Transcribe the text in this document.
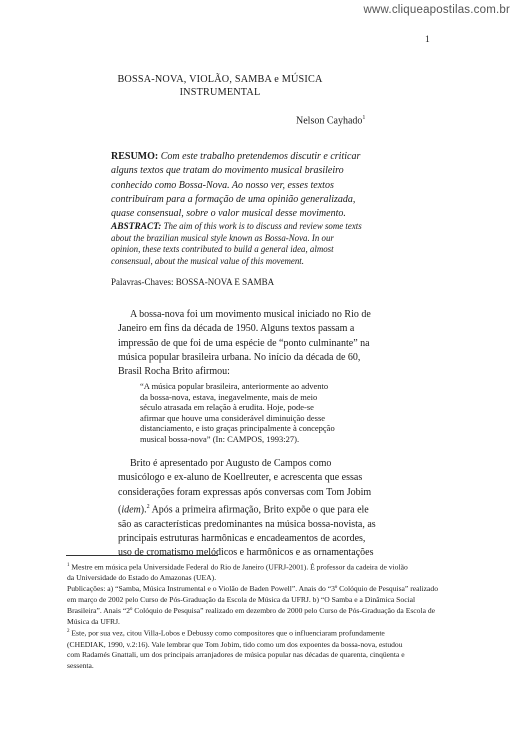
www.cliqueapostilas.com.br
1
BOSSA-NOVA, VIOLÃO, SAMBA e MÚSICA
INSTRUMENTAL
Nelson Cayhado$^1$
RESUMO: Com este trabalho pretendemos discutir e criticar
alguns textos que tratam do movimento musical brasileiro
conhecido como Bossa-Nova. Ao nosso ver, esses textos
contribuíram para a formação de uma opinião generalizada,
quase consensual, sobre o valor musical desse movimento.
ABSTRACT: The aim of this work is to discuss and review some texts
about the brazilian musical style known as Bossa-Nova. In our
opinion, these texts contributed to build a general idea, almost
consensual, about the musical value of this movement.
Palavras-Chaves: BOSSA-NOVA E SAMBA
A bossa-nova foi um movimento musical iniciado no Rio de
Janeiro em fins da década de 1950. Alguns textos passam a
impressão de que foi de uma espécie de “ponto culminante” na
música popular brasileira urbana. No início da década de 60,
Brasil Rocha Brito afirmou:
“A música popular brasileira, anteriormente ao advento
da bossa-nova, estava, inegavelmente, mais de meio
século atrasada em relação à erudita. Hoje, pode-se
afirmar que houve uma considerável diminuição desse
distanciamento, e isto graças principalmente à concepção
musical bossa-nova” (In: CAMPOS, 1993:27).
Brito é apresentado por Augusto de Campos como
musicólogo e ex-aluno de Koellreuter, e acrescenta que essas
considerações foram expressas após conversas com Tom Jobim
(idem).$^2$ Após a primeira afirmação, Brito expõe o que para ele
são as características predominantes na música bossa-novista, as
principais estruturas harmônicas e encadeamentos de acordes,
uso de cromatismo melódicos e harmônicos e as ornamentações
$^1$ Mestre em música pela Universidade Federal do Rio de Janeiro (UFRJ-2001). É professor da cadeira de violão
da Universidade do Estado do Amazonas (UEA).
Publicações: a) “Samba, Música Instrumental e o Violão de Baden Powell”. Anais do “3º Colóquio de Pesquisa” realizado
em março de 2002 pelo Curso de Pós-Graduação da Escola de Música da UFRJ. b) “O Samba e a Dinâmica Social
Brasileira”. Anais “2º Colóquio de Pesquisa” realizado em dezembro de 2000 pelo Curso de Pós-Graduação da Escola de
Música da UFRJ.
$^2$ Este, por sua vez, citou Villa-Lobos e Debussy como compositores que o influenciaram profundamente
(CHEDIAK, 1990, v.2:16). Vale lembrar que Tom Jobim, tido como um dos expoentes da bossa-nova, estudou
com Radamés Gnattali, um dos principais arranjadores de música popular nas décadas de quarenta, cinqüenta e
sessenta.
